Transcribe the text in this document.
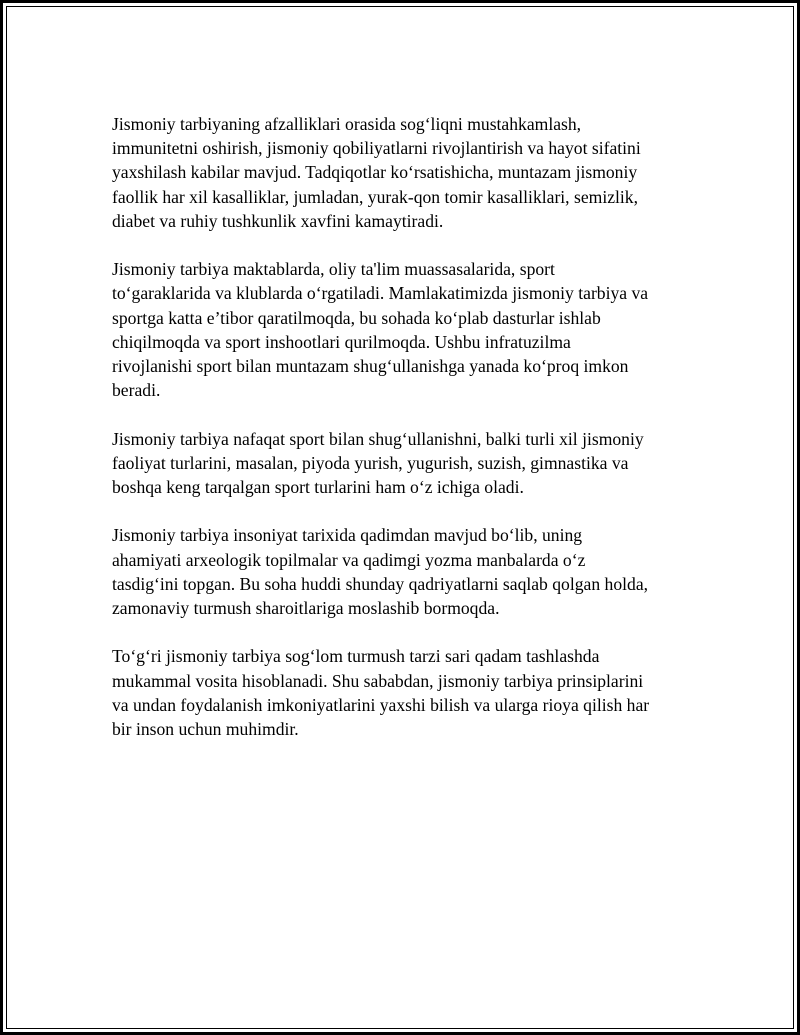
Jismoniy tarbiyaning afzalliklari orasida sog‘liqni mustahkamlash,
immunitetni oshirish, jismoniy qobiliyatlarni rivojlantirish va hayot sifatini
yaxshilash kabilar mavjud. Tadqiqotlar ko‘rsatishicha, muntazam jismoniy
faollik har xil kasalliklar, jumladan, yurak-qon tomir kasalliklari, semizlik,
diabet va ruhiy tushkunlik xavfini kamaytiradi.

Jismoniy tarbiya maktablarda, oliy ta'lim muassasalarida, sport
to‘garaklarida va klublarda o‘rgatiladi. Mamlakatimizda jismoniy tarbiya va
sportga katta e’tibor qaratilmoqda, bu sohada ko‘plab dasturlar ishlab
chiqilmoqda va sport inshootlari qurilmoqda. Ushbu infratuzilma
rivojlanishi sport bilan muntazam shug‘ullanishga yanada ko‘proq imkon
beradi.

Jismoniy tarbiya nafaqat sport bilan shug‘ullanishni, balki turli xil jismoniy
faoliyat turlarini, masalan, piyoda yurish, yugurish, suzish, gimnastika va
boshqa keng tarqalgan sport turlarini ham o‘z ichiga oladi.

Jismoniy tarbiya insoniyat tarixida qadimdan mavjud bo‘lib, uning
ahamiyati arxeologik topilmalar va qadimgi yozma manbalarda o‘z
tasdig‘ini topgan. Bu soha huddi shunday qadriyatlarni saqlab qolgan holda,
zamonaviy turmush sharoitlariga moslashib bormoqda.

To‘g‘ri jismoniy tarbiya sog‘lom turmush tarzi sari qadam tashlashda
mukammal vosita hisoblanadi. Shu sababdan, jismoniy tarbiya prinsiplarini
va undan foydalanish imkoniyatlarini yaxshi bilish va ularga rioya qilish har
bir inson uchun muhimdir.
